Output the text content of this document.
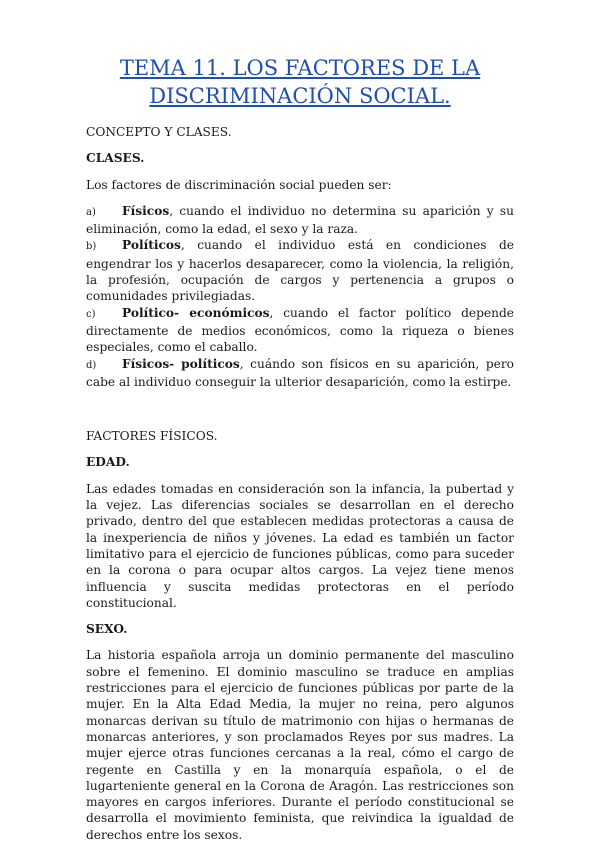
TEMA 11. LOS FACTORES DE LA
DISCRIMINACIÓN SOCIAL.

CONCEPTO Y CLASES.

CLASES.

Los factores de discriminación social pueden ser:

a) Físicos, cuando el individuo no determina su aparición y su eliminación, como la edad, el sexo y la raza.

b) Políticos, cuando el individuo está en condiciones de engendrar los y hacerlos desaparecer, como la violencia, la religión, la profesión, ocupación de cargos y pertenencia a grupos o comunidades privilegiadas.

c) Político- económicos, cuando el factor político depende directamente de medios económicos, como la riqueza o bienes especiales, como el caballo.

d) Físicos- políticos, cuándo son físicos en su aparición, pero cabe al individuo conseguir la ulterior desaparición, como la estirpe.

FACTORES FÍSICOS.

EDAD.

Las edades tomadas en consideración son la infancia, la pubertad y la vejez. Las diferencias sociales se desarrollan en el derecho privado, dentro del que establecen medidas protectoras a causa de la inexperiencia de niños y jóvenes. La edad es también un factor limitativo para el ejercicio de funciones públicas, como para suceder en la corona o para ocupar altos cargos. La vejez tiene menos influencia y suscita medidas protectoras en el período constitucional.

SEXO.

La historia española arroja un dominio permanente del masculino sobre el femenino. El dominio masculino se traduce en amplias restricciones para el ejercicio de funciones públicas por parte de la mujer. En la Alta Edad Media, la mujer no reina, pero algunos monarcas derivan su título de matrimonio con hijas o hermanas de monarcas anteriores, y son proclamados Reyes por sus madres. La mujer ejerce otras funciones cercanas a la real, cómo el cargo de regente en Castilla y en la monarquía española, o el de lugarteniente general en la Corona de Aragón. Las restricciones son mayores en cargos inferiores. Durante el período constitucional se desarrolla el movimiento feminista, que reivindica la igualdad de derechos entre los sexos.
